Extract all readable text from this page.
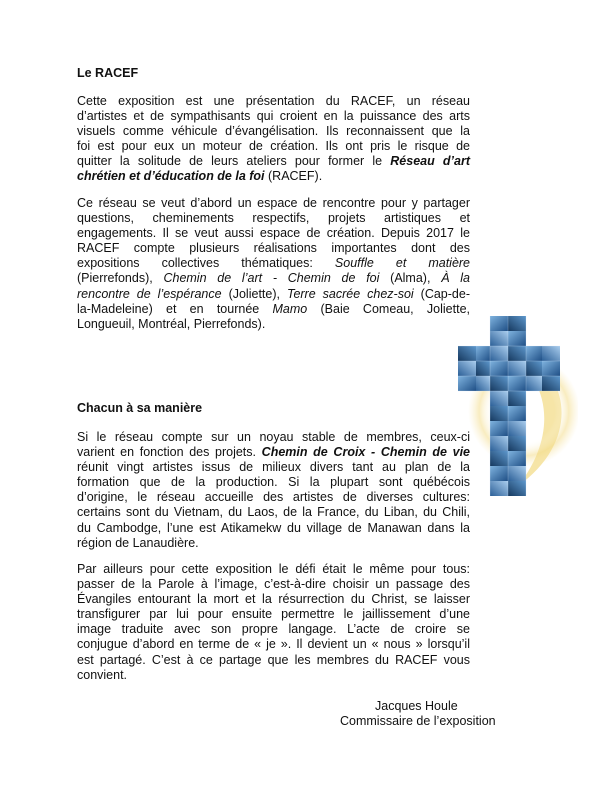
Le RACEF
Cette exposition est une présentation du RACEF, un réseau
d’artistes et de sympathisants qui croient en la puissance des arts
visuels comme véhicule d’évangélisation. Ils reconnaissent que la
foi est pour eux un moteur de création. Ils ont pris le risque de
quitter la solitude de leurs ateliers pour former le Réseau d’art
chrétien et d’éducation de la foi (RACEF).
Ce réseau se veut d’abord un espace de rencontre pour y partager
questions, cheminements respectifs, projets artistiques et
engagements. Il se veut aussi espace de création. Depuis 2017 le
RACEF compte plusieurs réalisations importantes dont des
expositions collectives thématiques: Souffle et matière
(Pierrefonds), Chemin de l’art - Chemin de foi (Alma), À la
rencontre de l’espérance (Joliette), Terre sacrée chez-soi (Cap-de-
la-Madeleine) et en tournée Mamo (Baie Comeau, Joliette,
Longueuil, Montréal, Pierrefonds).
Chacun à sa manière
Si le réseau compte sur un noyau stable de membres, ceux-ci
varient en fonction des projets. Chemin de Croix - Chemin de vie
réunit vingt artistes issus de milieux divers tant au plan de la
formation que de la production. Si la plupart sont québécois
d’origine, le réseau accueille des artistes de diverses cultures:
certains sont du Vietnam, du Laos, de la France, du Liban, du Chili,
du Cambodge, l’une est Atikamekw du village de Manawan dans la
région de Lanaudière.
Par ailleurs pour cette exposition le défi était le même pour tous:
passer de la Parole à l’image, c’est-à-dire choisir un passage des
Évangiles entourant la mort et la résurrection du Christ, se laisser
transfigurer par lui pour ensuite permettre le jaillissement d’une
image traduite avec son propre langage. L’acte de croire se
conjugue d’abord en terme de « je ». Il devient un « nous » lorsqu’il
est partagé. C’est à ce partage que les membres du RACEF vous
convient.
Jacques Houle
Commissaire de l’exposition
